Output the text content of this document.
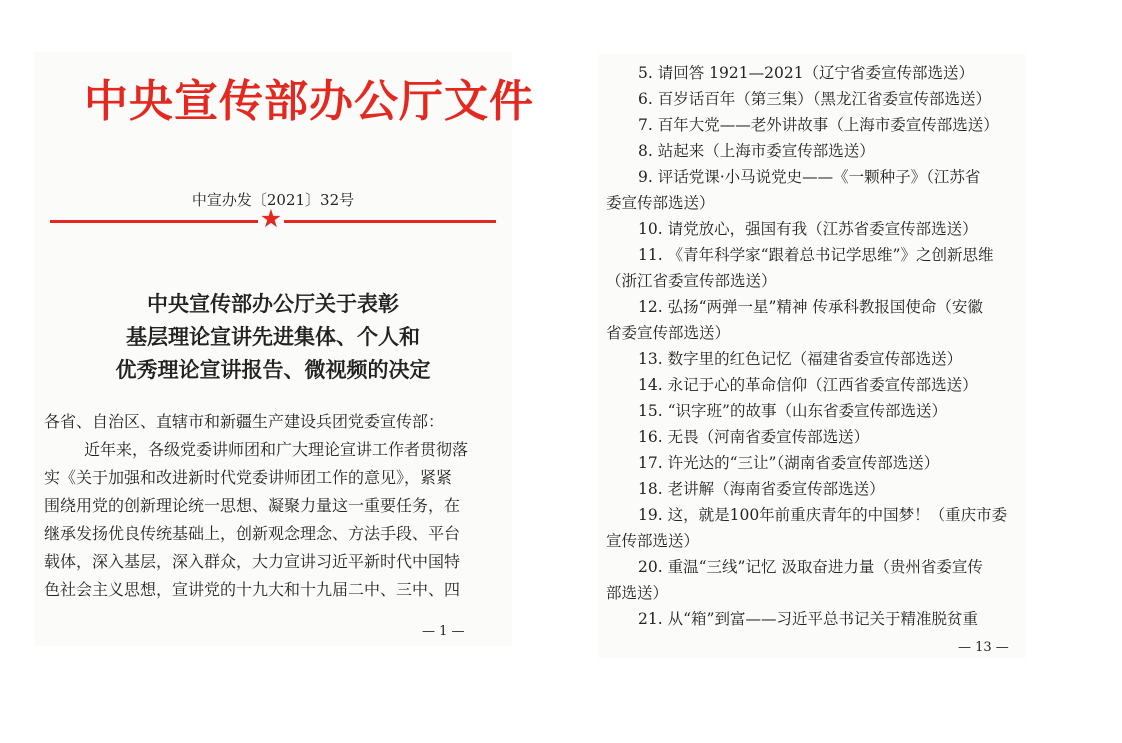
中央宣传部办公厅文件
中宣办发〔2021〕32号
★
中央宣传部办公厅关于表彰
基层理论宣讲先进集体、个人和
优秀理论宣讲报告、微视频的决定
各省、自治区、直辖市和新疆生产建设兵团党委宣传部：
近年来，各级党委讲师团和广大理论宣讲工作者贯彻落
实《关于加强和改进新时代党委讲师团工作的意见》，紧紧
围绕用党的创新理论统一思想、凝聚力量这一重要任务，在
继承发扬优良传统基础上，创新观念理念、方法手段、平台
载体，深入基层，深入群众，大力宣讲习近平新时代中国特
色社会主义思想，宣讲党的十九大和十九届二中、三中、四
— 1 —
5. 请回答 1921—2021（辽宁省委宣传部选送）
6. 百岁话百年（第三集）（黑龙江省委宣传部选送）
7. 百年大党——老外讲故事（上海市委宣传部选送）
8. 站起来（上海市委宣传部选送）
9. 评话党课·小马说党史——《一颗种子》（江苏省
委宣传部选送）
10. 请党放心，强国有我（江苏省委宣传部选送）
11. 《青年科学家“跟着总书记学思维”》之创新思维
（浙江省委宣传部选送）
12. 弘扬“两弹一星”精神 传承科教报国使命（安徽
省委宣传部选送）
13. 数字里的红色记忆（福建省委宣传部选送）
14. 永记于心的革命信仰（江西省委宣传部选送）
15. “识字班”的故事（山东省委宣传部选送）
16. 无畏（河南省委宣传部选送）
17. 许光达的“三让”（湖南省委宣传部选送）
18. 老讲解（海南省委宣传部选送）
19. 这，就是100年前重庆青年的中国梦！（重庆市委
宣传部选送）
20. 重温“三线”记忆 汲取奋进力量（贵州省委宣传
部选送）
21. 从“箱”到富——习近平总书记关于精准脱贫重
— 13 —
